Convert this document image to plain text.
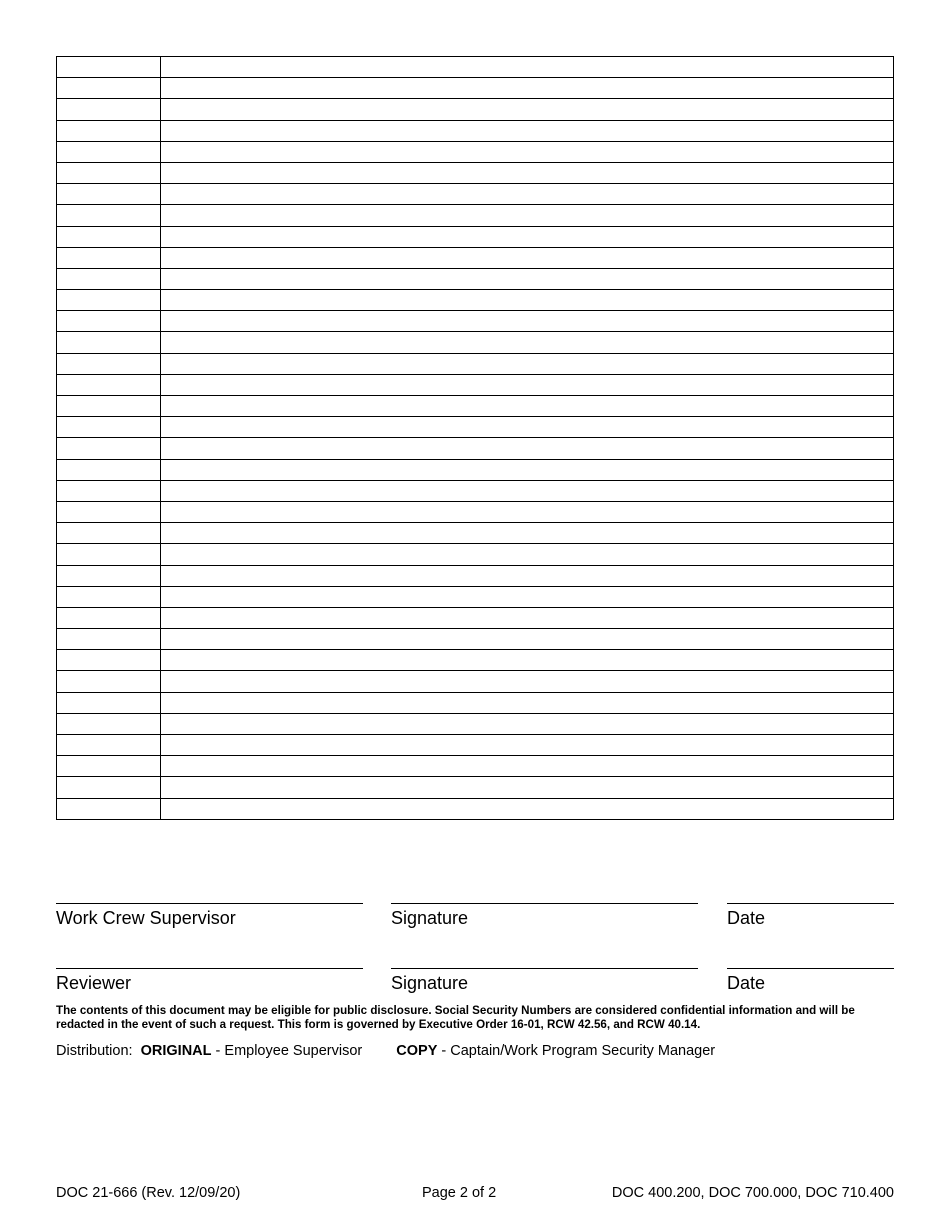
Work Crew Supervisor	Signature	Date
Reviewer	Signature	Date
The contents of this document may be eligible for public disclosure. Social Security Numbers are considered confidential information and will be redacted in the event of such a request. This form is governed by Executive Order 16-01, RCW 42.56, and RCW 40.14.
Distribution: ORIGINAL - Employee Supervisor COPY - Captain/Work Program Security Manager
DOC 21-666 (Rev. 12/09/20)	Page 2 of 2	DOC 400.200, DOC 700.000, DOC 710.400
